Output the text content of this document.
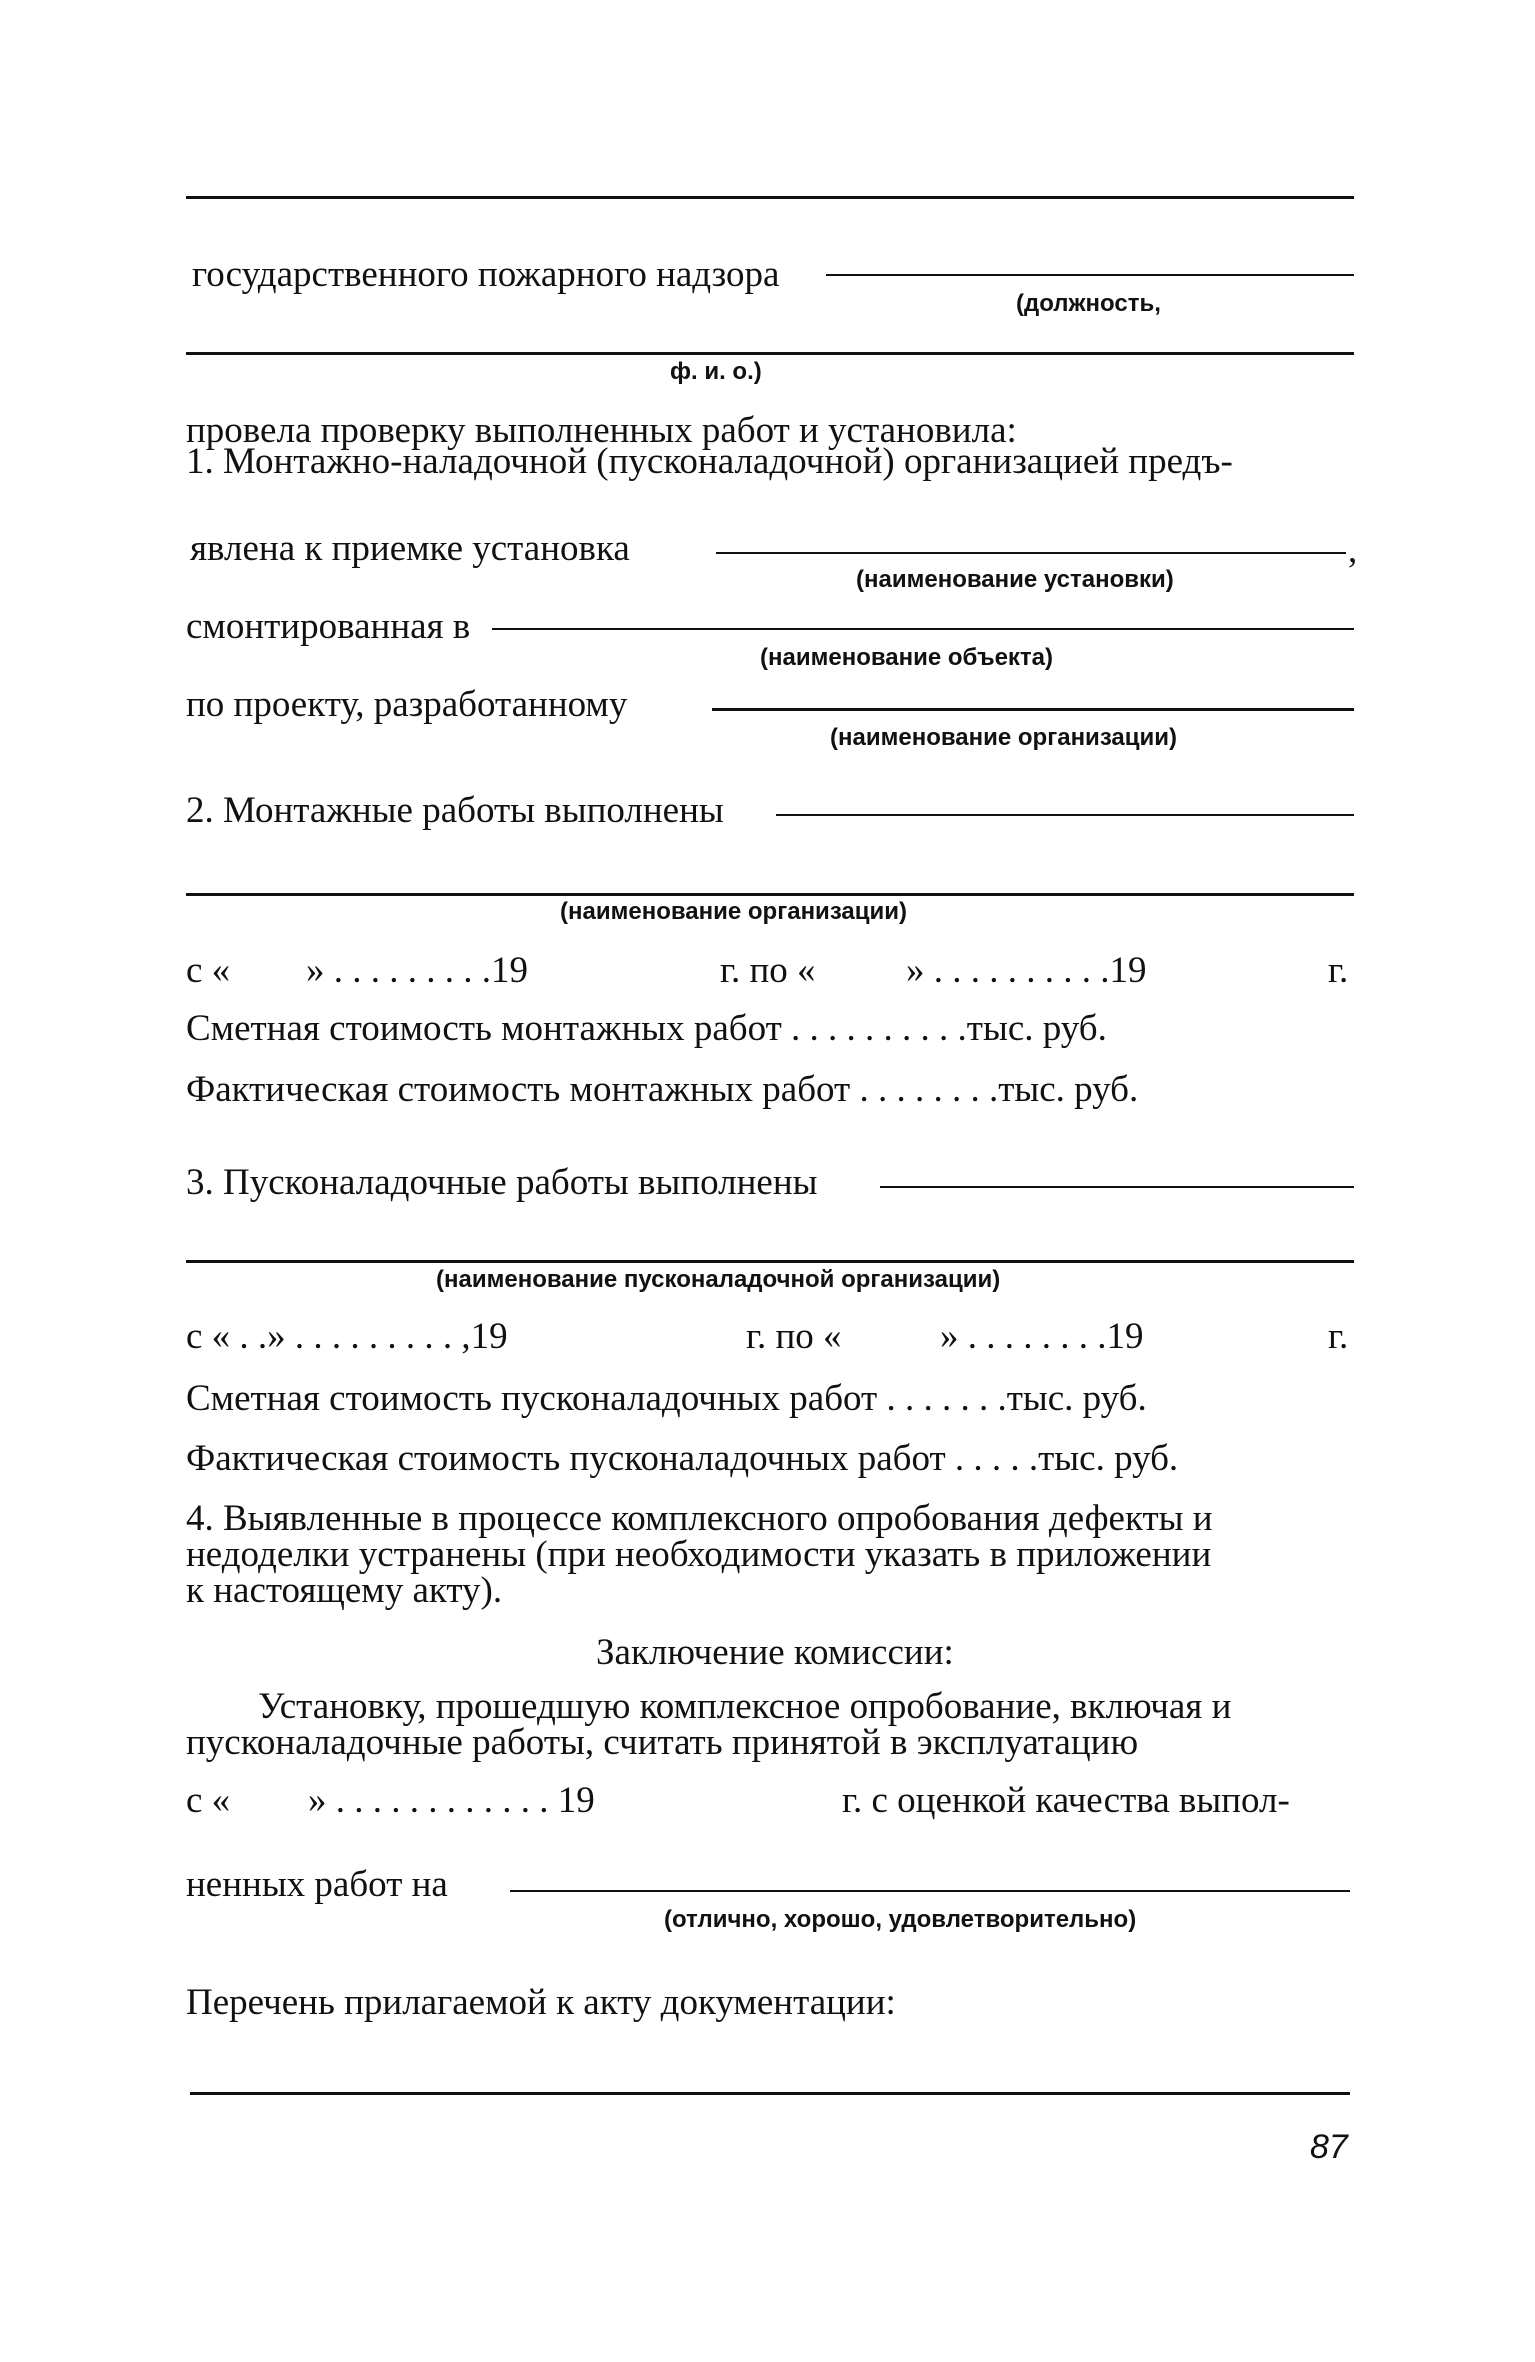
государственного пожарного надзора
(должность,
ф. и. о.)
провела проверку выполненных работ и установила:
1. Монтажно-наладочной (пусконаладочной) организацией предъ-
явлена к приемке установка	,
(наименование установки)
смонтированная в
(наименование объекта)
по проекту, разработанному
(наименование организации)
2. Монтажные работы выполнены
(наименование организации)
с « » . . . . . . . . .19	г. по « » . . . . . . . . . .19	г.
Сметная стоимость монтажных работ . . . . . . . . . .тыс. руб.
Фактическая стоимость монтажных работ . . . . . . . .тыс. руб.
3. Пусконаладочные работы выполнены
(наименование пусконаладочной организации)
с « . .» . . . . . . . . . ,19	г. по «	» . . . . . . . .19	г.
Сметная стоимость пусконаладочных работ . . . . . . .тыс. руб.
Фактическая стоимость пусконаладочных работ . . . . .тыс. руб.
4. Выявленные в процессе комплексного опробования дефекты и
недоделки устранены (при необходимости указать в приложении
к настоящему акту).
Заключение комиссии:
Установку, прошедшую комплексное опробование, включая и
пусконаладочные работы, считать принятой в эксплуатацию
с « » . . . . . . . . . . . . 19	г. с оценкой качества выпол-
ненных работ на
(отлично, хорошо, удовлетворительно)
Перечень прилагаемой к акту документации:
87
